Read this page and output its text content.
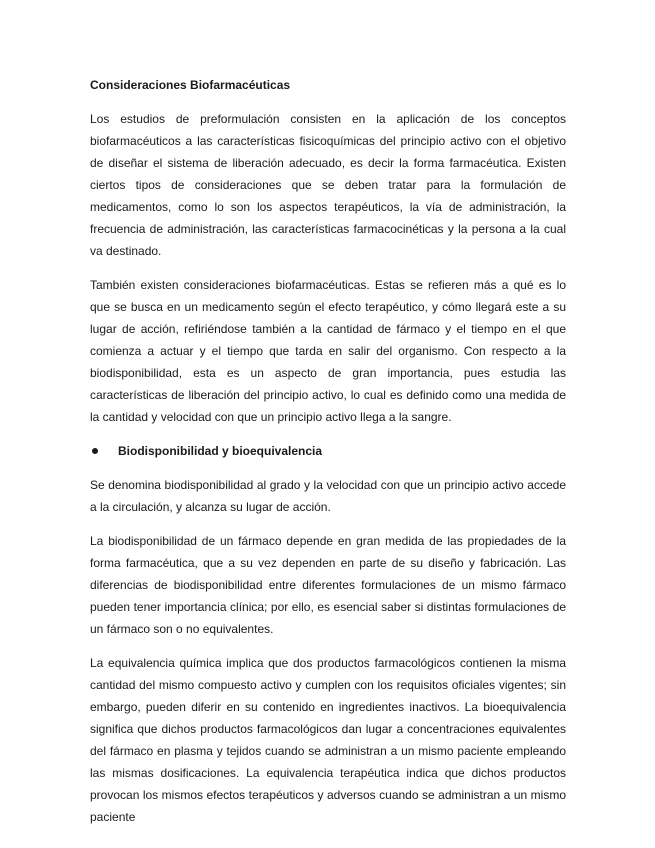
Consideraciones Biofarmacéuticas

Los estudios de preformulación consisten en la aplicación de los conceptos biofarmacéuticos a las características fisicoquímicas del principio activo con el objetivo de diseñar el sistema de liberación adecuado, es decir la forma farmacéutica. Existen ciertos tipos de consideraciones que se deben tratar para la formulación de medicamentos, como lo son los aspectos terapéuticos, la vía de administración, la frecuencia de administración, las características farmacocinéticas y la persona a la cual va destinado.

También existen consideraciones biofarmacéuticas. Estas se refieren más a qué es lo que se busca en un medicamento según el efecto terapéutico, y cómo llegará este a su lugar de acción, refiriéndose también a la cantidad de fármaco y el tiempo en el que comienza a actuar y el tiempo que tarda en salir del organismo. Con respecto a la biodisponibilidad, esta es un aspecto de gran importancia, pues estudia las características de liberación del principio activo, lo cual es definido como una medida de la cantidad y velocidad con que un principio activo llega a la sangre.

Biodisponibilidad y bioequivalencia

Se denomina biodisponibilidad al grado y la velocidad con que un principio activo accede a la circulación, y alcanza su lugar de acción.

La biodisponibilidad de un fármaco depende en gran medida de las propiedades de la forma farmacéutica, que a su vez dependen en parte de su diseño y fabricación. Las diferencias de biodisponibilidad entre diferentes formulaciones de un mismo fármaco pueden tener importancia clínica; por ello, es esencial saber si distintas formulaciones de un fármaco son o no equivalentes.

La equivalencia química implica que dos productos farmacológicos contienen la misma cantidad del mismo compuesto activo y cumplen con los requisitos oficiales vigentes; sin embargo, pueden diferir en su contenido en ingredientes inactivos. La bioequivalencia significa que dichos productos farmacológicos dan lugar a concentraciones equivalentes del fármaco en plasma y tejidos cuando se administran a un mismo paciente empleando las mismas dosificaciones. La equivalencia terapéutica indica que dichos productos provocan los mismos efectos terapéuticos y adversos cuando se administran a un mismo paciente
